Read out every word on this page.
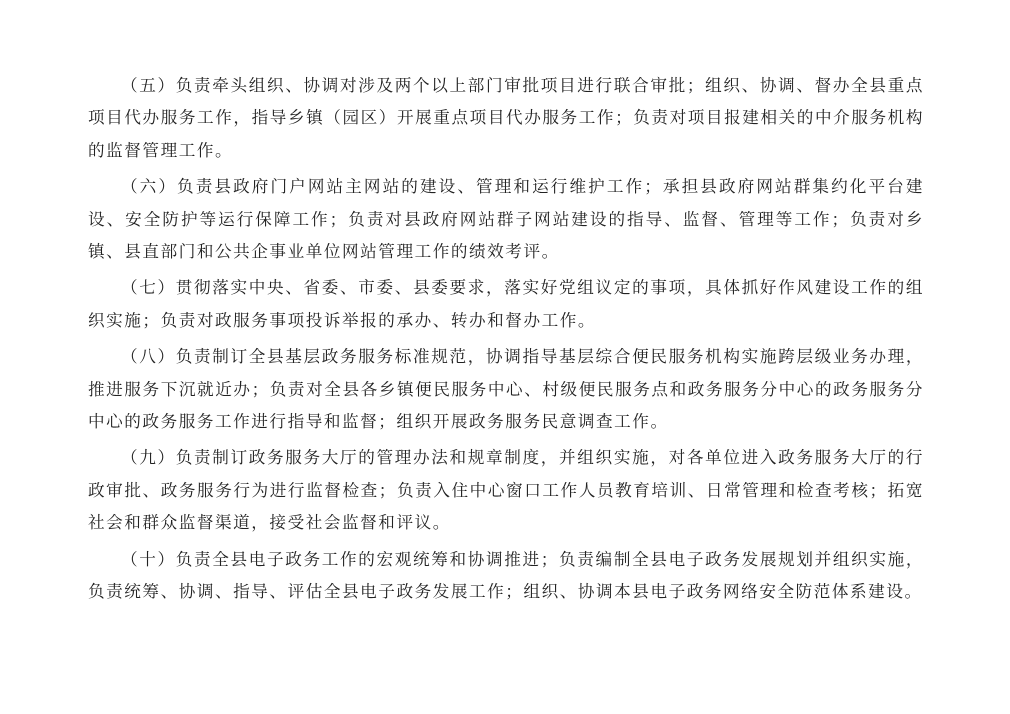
（五）负责牵头组织、协调对涉及两个以上部门审批项目进行联合审批；组织、协调、督办全县重点项目代办服务工作，指导乡镇（园区）开展重点项目代办服务工作；负责对项目报建相关的中介服务机构的监督管理工作。

（六）负责县政府门户网站主网站的建设、管理和运行维护工作；承担县政府网站群集约化平台建设、安全防护等运行保障工作；负责对县政府网站群子网站建设的指导、监督、管理等工作；负责对乡镇、县直部门和公共企事业单位网站管理工作的绩效考评。

（七）贯彻落实中央、省委、市委、县委要求，落实好党组议定的事项，具体抓好作风建设工作的组织实施；负责对政服务事项投诉举报的承办、转办和督办工作。

（八）负责制订全县基层政务服务标准规范，协调指导基层综合便民服务机构实施跨层级业务办理，推进服务下沉就近办；负责对全县各乡镇便民服务中心、村级便民服务点和政务服务分中心的政务服务分中心的政务服务工作进行指导和监督；组织开展政务服务民意调查工作。

（九）负责制订政务服务大厅的管理办法和规章制度，并组织实施，对各单位进入政务服务大厅的行政审批、政务服务行为进行监督检查；负责入住中心窗口工作人员教育培训、日常管理和检查考核；拓宽社会和群众监督渠道，接受社会监督和评议。

（十）负责全县电子政务工作的宏观统筹和协调推进；负责编制全县电子政务发展规划并组织实施，负责统筹、协调、指导、评估全县电子政务发展工作；组织、协调本县电子政务网络安全防范体系建设。
